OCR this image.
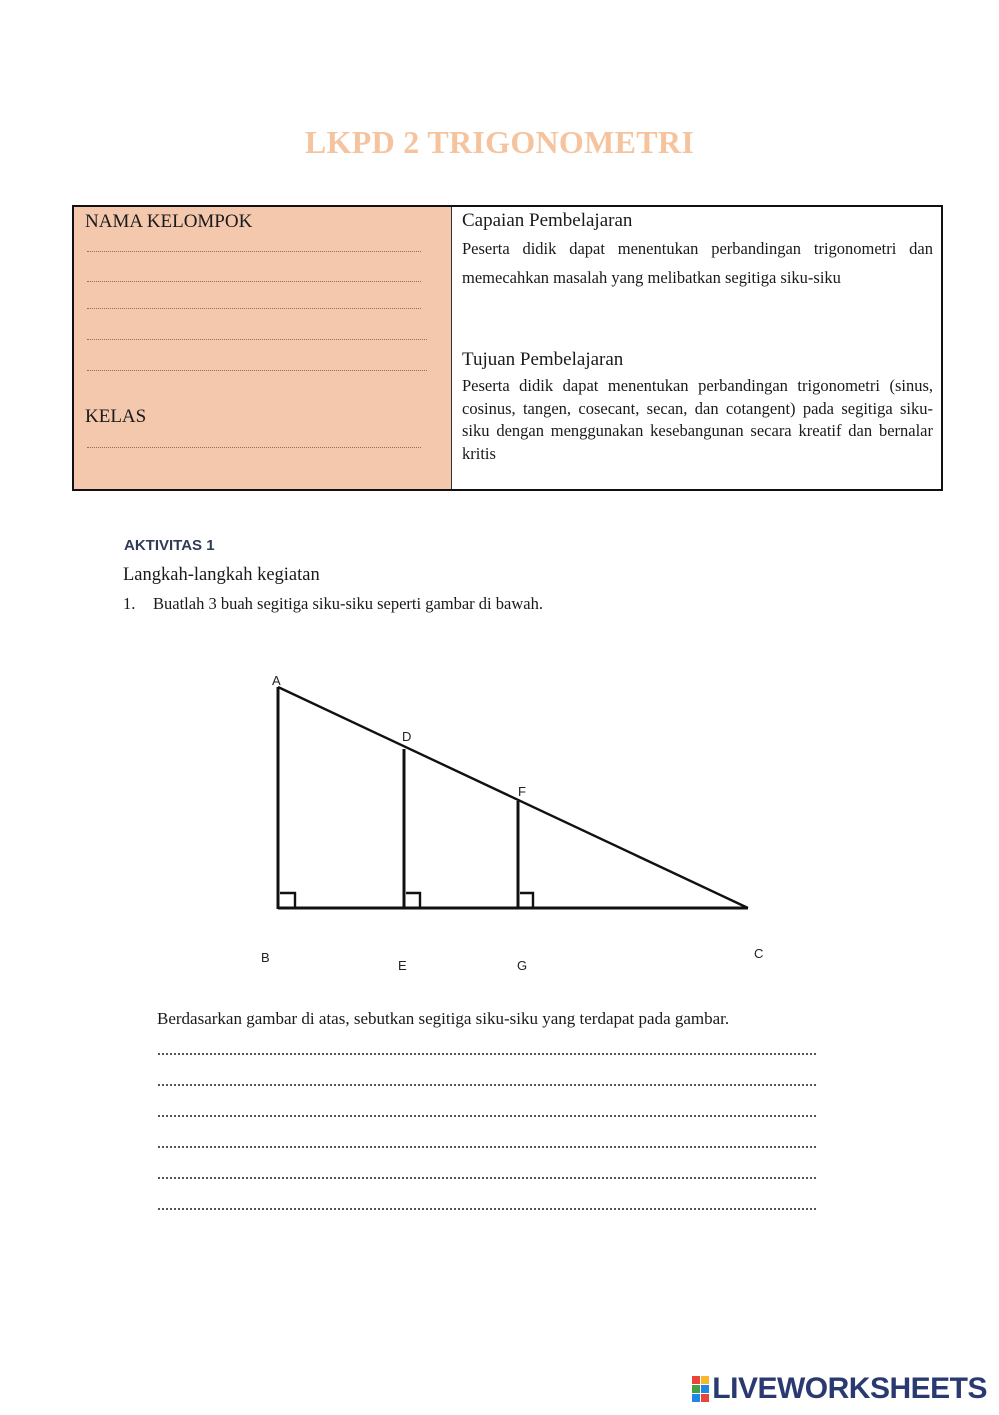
LKPD 2 TRIGONOMETRI
NAMA KELOMPOK
KELAS
Capaian Pembelajaran

Peserta didik dapat menentukan perbandingan trigonometri dan memecahkan masalah yang melibatkan segitiga siku-siku

Tujuan Pembelajaran

Peserta didik dapat menentukan perbandingan trigonometri (sinus, cosinus, tangen, cosecant, secan, dan cotangent) pada segitiga siku-siku dengan menggunakan kesebangunan secara kreatif dan bernalar kritis

AKTIVITAS 1
Langkah-langkah kegiatan
1. Buatlah 3 buah segitiga siku-siku seperti gambar di bawah.
A
D
F
B
E	G
C
Berdasarkan gambar di atas, sebutkan segitiga siku-siku yang terdapat pada gambar.
LIVEWORKSHEETS
